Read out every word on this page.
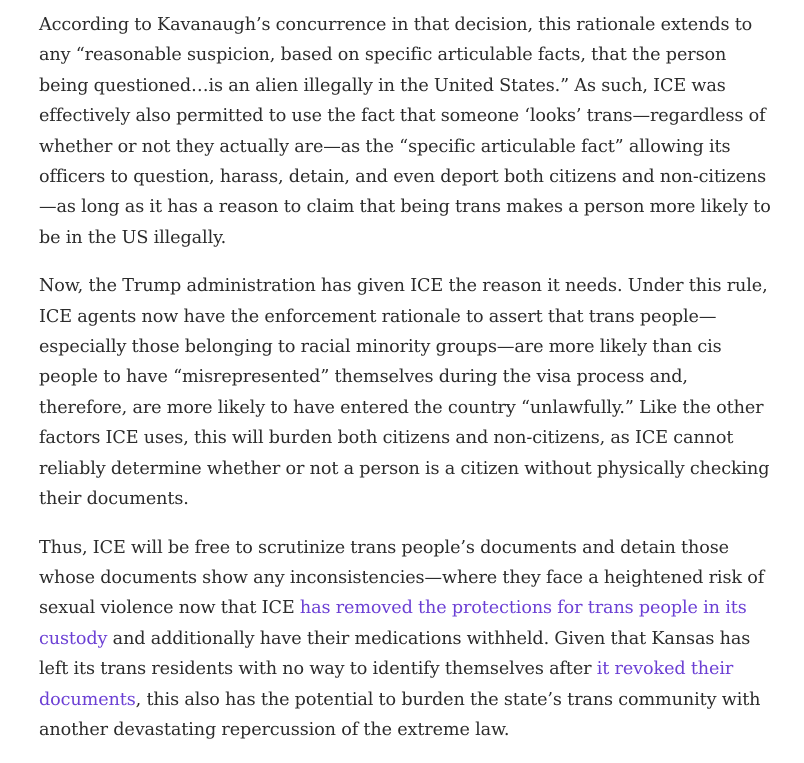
According to Kavanaugh’s concurrence in that decision, this rationale extends to any “reasonable suspicion, based on specific articulable facts, that the person being questioned…is an alien illegally in the United States.” As such, ICE was effectively also permitted to use the fact that someone ‘looks’ trans—regardless of whether or not they actually are—as the “specific articulable fact” allowing its officers to question, harass, detain, and even deport both citizens and non-citizens—as long as it has a reason to claim that being trans makes a person more likely to be in the US illegally.

Now, the Trump administration has given ICE the reason it needs. Under this rule, ICE agents now have the enforcement rationale to assert that trans people—especially those belonging to racial minority groups—are more likely than cis people to have “misrepresented” themselves during the visa process and, therefore, are more likely to have entered the country “unlawfully.” Like the other factors ICE uses, this will burden both citizens and non-citizens, as ICE cannot reliably determine whether or not a person is a citizen without physically checking their documents.

Thus, ICE will be free to scrutinize trans people’s documents and detain those whose documents show any inconsistencies—where they face a heightened risk of sexual violence now that ICE has removed the protections for trans people in its custody and additionally have their medications withheld. Given that Kansas has left its trans residents with no way to identify themselves after it revoked their documents, this also has the potential to burden the state’s trans community with another devastating repercussion of the extreme law.
